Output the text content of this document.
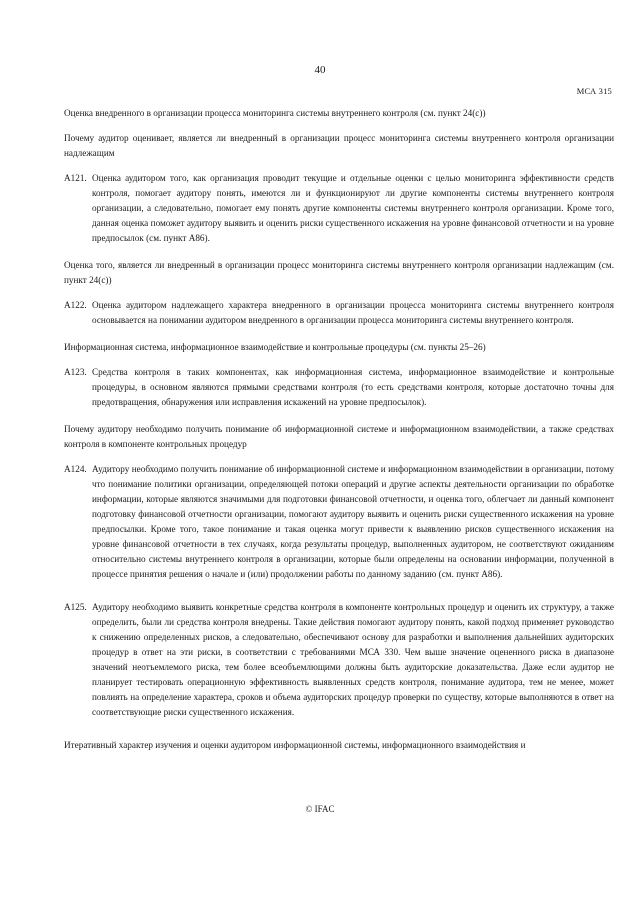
40
МСА 315

Оценка внедренного в организации процесса мониторинга системы внутреннего контроля (см. пункт 24(с))

Почему аудитор оценивает, является ли внедренный в организации процесс мониторинга системы внутреннего контроля организации надлежащим

A121. Оценка аудитором того, как организация проводит текущие и отдельные оценки с целью мониторинга эффективности средств контроля, помогает аудитору понять, имеются ли и функционируют ли другие компоненты системы внутреннего контроля организации, а следовательно, помогает ему понять другие компоненты системы внутреннего контроля организации. Кроме того, данная оценка поможет аудитору выявить и оценить риски существенного искажения на уровне финансовой отчетности и на уровне предпосылок (см. пункт A86).

Оценка того, является ли внедренный в организации процесс мониторинга системы внутреннего контроля организации надлежащим (см. пункт 24(с))

A122. Оценка аудитором надлежащего характера внедренного в организации процесса мониторинга системы внутреннего контроля основывается на понимании аудитором внедренного в организации процесса мониторинга системы внутреннего контроля.

Информационная система, информационное взаимодействие и контрольные процедуры (см. пункты 25–26)

A123. Средства контроля в таких компонентах, как информационная система, информационное взаимодействие и контрольные процедуры, в основном являются прямыми средствами контроля (то есть средствами контроля, которые достаточно точны для предотвращения, обнаружения или исправления искажений на уровне предпосылок).

Почему аудитору необходимо получить понимание об информационной системе и информационном взаимодействии, а также средствах контроля в компоненте контрольных процедур

A124. Аудитору необходимо получить понимание об информационной системе и информационном взаимодействии в организации, потому что понимание политики организации, определяющей потоки операций и другие аспекты деятельности организации по обработке информации, которые являются значимыми для подготовки финансовой отчетности, и оценка того, облегчает ли данный компонент подготовку финансовой отчетности организации, помогают аудитору выявить и оценить риски существенного искажения на уровне предпосылки. Кроме того, такое понимание и такая оценка могут привести к выявлению рисков существенного искажения на уровне финансовой отчетности в тех случаях, когда результаты процедур, выполненных аудитором, не соответствуют ожиданиям относительно системы внутреннего контроля в организации, которые были определены на основании информации, полученной в процессе принятия решения о начале и (или) продолжении работы по данному заданию (см. пункт A86).
A125. Аудитору необходимо выявить конкретные средства контроля в компоненте контрольных процедур и оценить их структуру, а также определить, были ли средства контроля внедрены. Такие действия помогают аудитору понять, какой подход применяет руководство к снижению определенных рисков, а следовательно, обеспечивают основу для разработки и выполнения дальнейших аудиторских процедур в ответ на эти риски, в соответствии с требованиями МСА 330. Чем выше значение оцененного риска в диапазоне значений неотъемлемого риска, тем более всеобъемлющими должны быть аудиторские доказательства. Даже если аудитор не планирует тестировать операционную эффективность выявленных средств контроля, понимание аудитора, тем не менее, может повлиять на определение характера, сроков и объема аудиторских процедур проверки по существу, которые выполняются в ответ на соответствующие риски существенного искажения.

Итеративный характер изучения и оценки аудитором информационной системы, информационного взаимодействия и

© IFAC
